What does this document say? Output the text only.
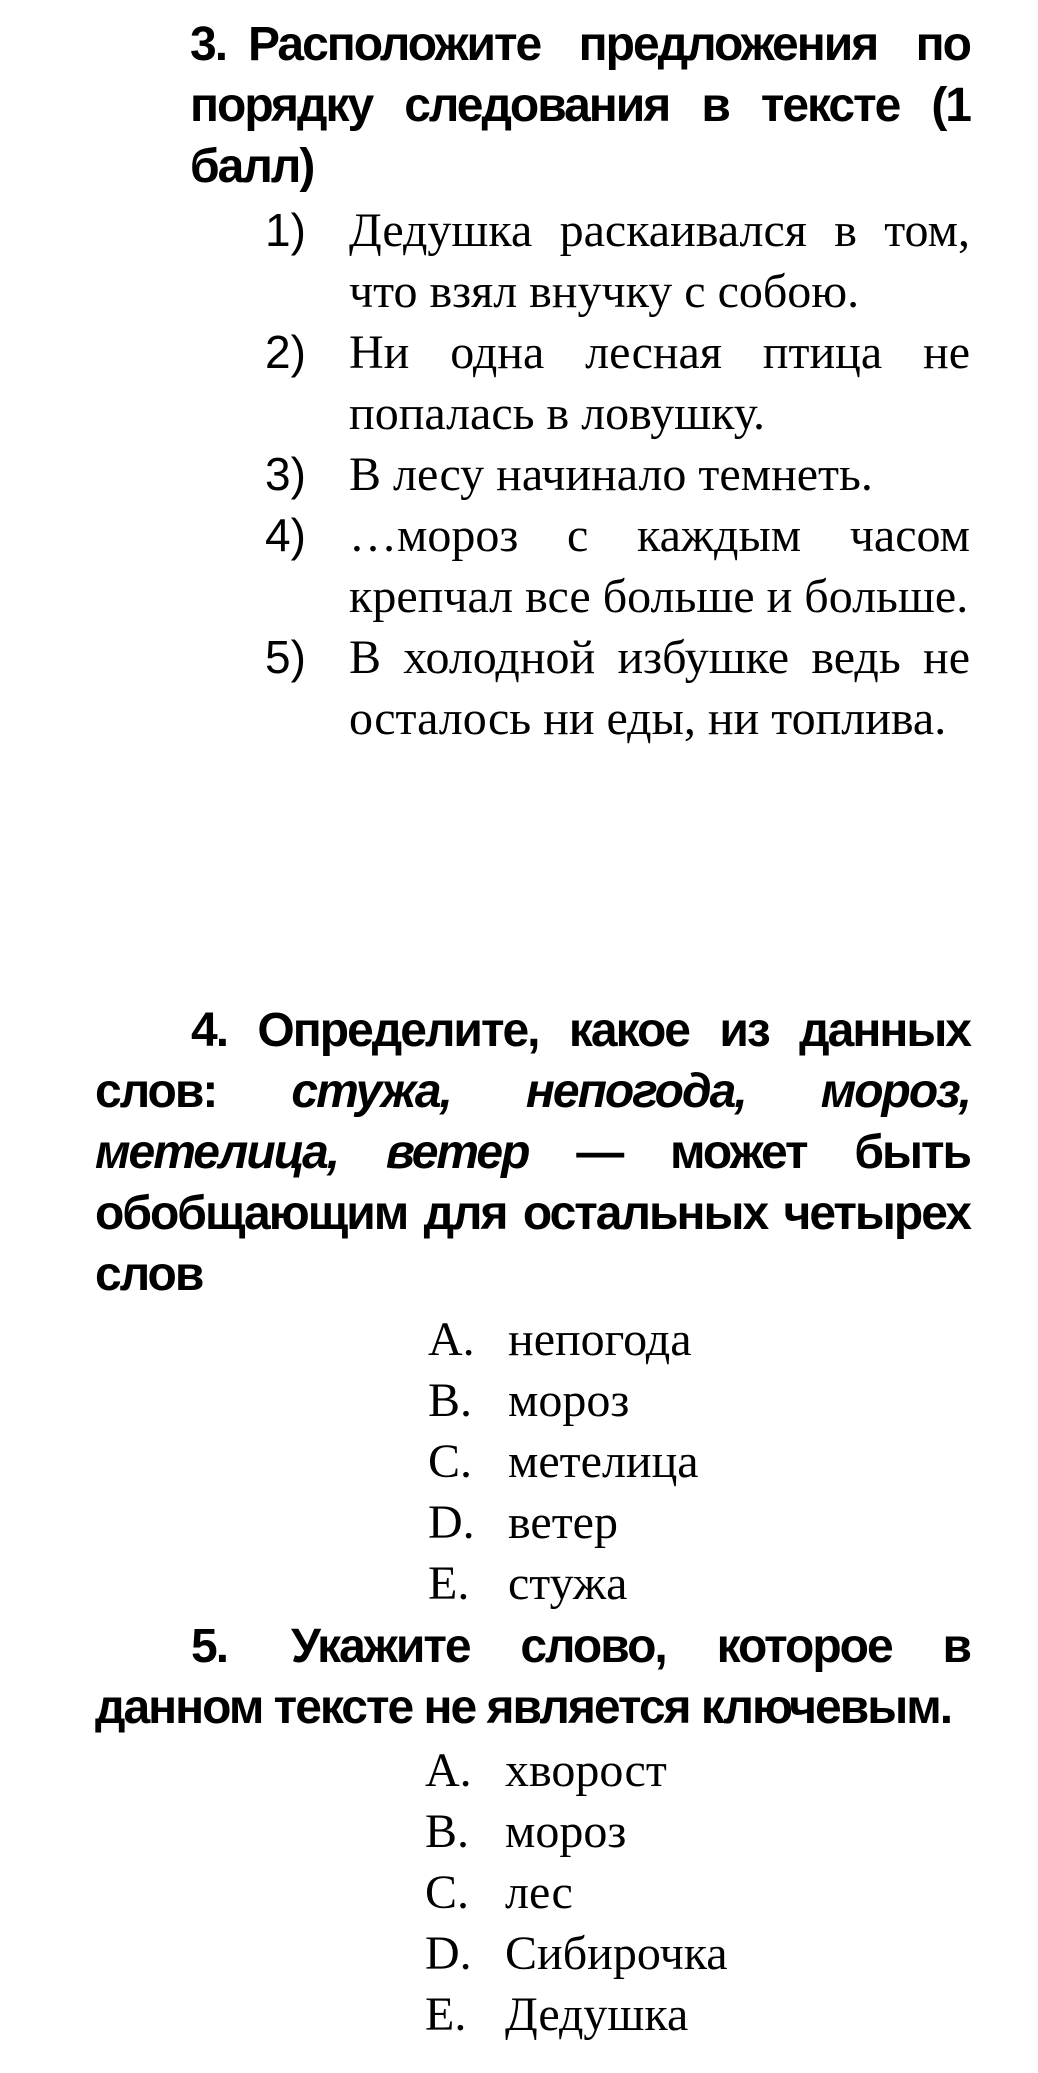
3. Расположите предложения по порядку следования в тексте (1 балл)

1) Дедушка раскаивался в том, что взял внучку с собою.
2) Ни одна лесная птица не попалась в ловушку.
3) В лесу начинало темнеть.
4) …мороз с каждым часом крепчал все больше и больше.
5) В холодной избушке ведь не осталось ни еды, ни топлива.

4. Определите, какое из данных слов: стужа, непогода, мороз, метелица, ветер — может быть обобщающим для остальных четырех слов

A. непогода
B. мороз
C. метелица
D. ветер
E. стужа

5. Укажите слово, которое в данном тексте не является ключевым.

A. хворост
B. мороз
C. лес
D. Сибирочка
E. Дедушка
